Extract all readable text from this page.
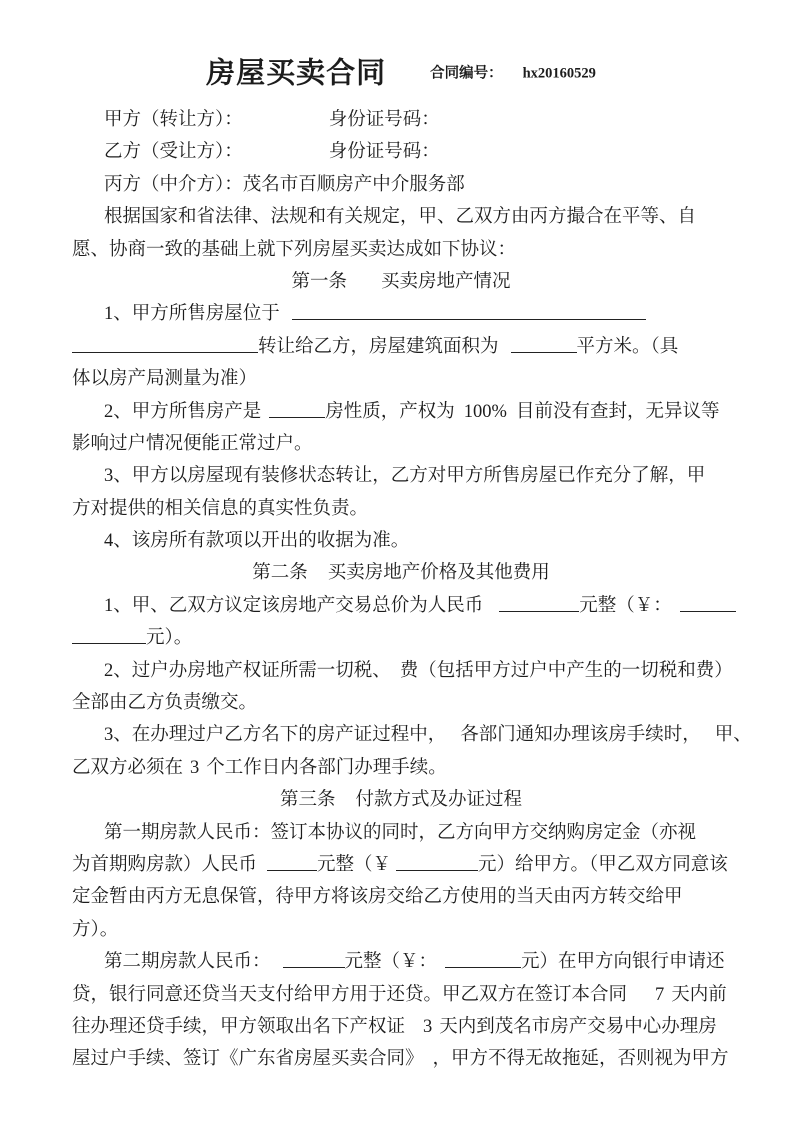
房屋买卖合同	合同编号： hx20160529
甲方（转让方）：	身份证号码：
乙方（受让方）：	身份证号码：
丙方（中介方）：茂名市百顺房产中介服务部
根据国家和省法律、法规和有关规定，甲、乙双方由丙方撮合在平等、自
愿、协商一致的基础上就下列房屋买卖达成如下协议：
第一条 买卖房地产情况
1、甲方所售房屋位于
转让给乙方，房屋建筑面积为	平方米。（具
体以房产局测量为准）
2、甲方所售房产是	房性质，产权为 100% 目前没有查封，无异议等
影响过户情况便能正常过户。
3、甲方以房屋现有装修状态转让，乙方对甲方所售房屋已作充分了解，甲
方对提供的相关信息的真实性负责。
4、该房所有款项以开出的收据为准。
第二条 买卖房地产价格及其他费用
1、甲、乙双方议定该房地产交易总价为人民币	元整（￥：
元）。
2、过户办房地产权证所需一切税、 费（包括甲方过户中产生的一切税和费）
全部由乙方负责缴交。
3、在办理过户乙方名下的房产证过程中， 各部门通知办理该房手续时， 甲、
乙双方必须在 3 个工作日内各部门办理手续。
第三条 付款方式及办证过程
第一期房款人民币：签订本协议的同时，乙方向甲方交纳购房定金（亦视
为首期购房款）人民币	元整（￥	元）给甲方。（甲乙双方同意该
定金暂由丙方无息保管，待甲方将该房交给乙方使用的当天由丙方转交给甲
方）。
第二期房款人民币：	元整（￥：	元）在甲方向银行申请还
贷，银行同意还贷当天支付给甲方用于还贷。甲乙双方在签订本合同 7 天内前
往办理还贷手续，甲方领取出名下产权证 3 天内到茂名市房产交易中心办理房
屋过户手续、签订《广东省房屋买卖合同》 ，甲方不得无故拖延，否则视为甲方
